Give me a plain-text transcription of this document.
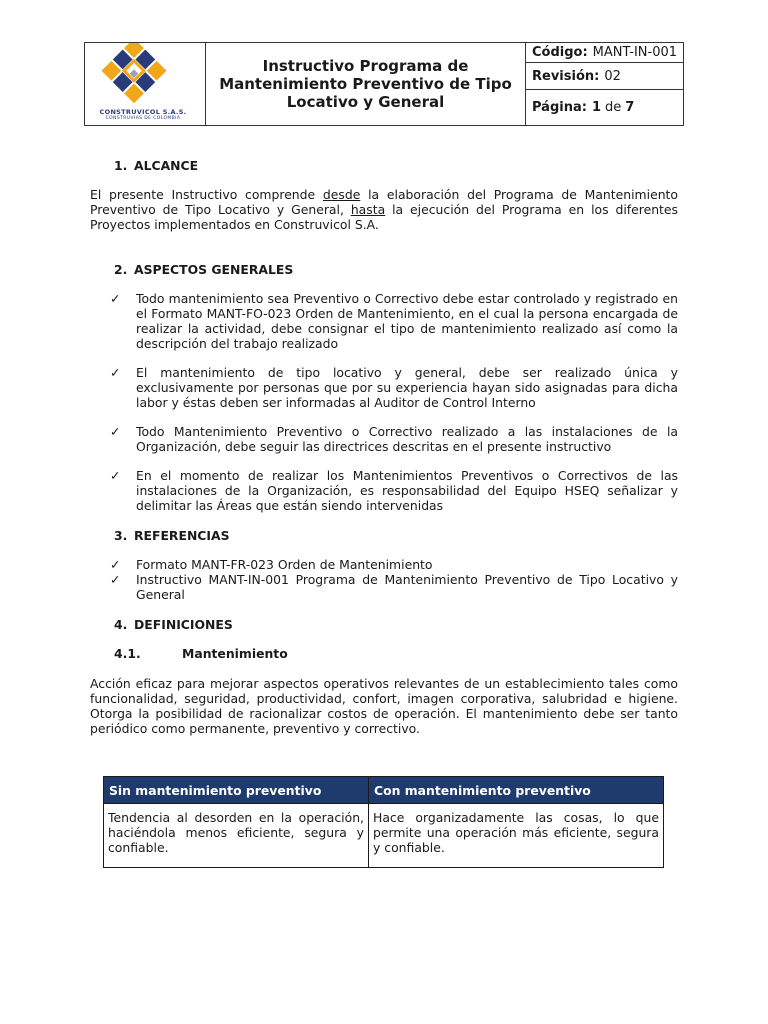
CONSTRUVICOL S.A.S.
CONSTRUVIAS DE COLOMBIA
Instructivo Programa de Mantenimiento Preventivo de Tipo Locativo y General
Código: MANT-IN-001
Revisión: 02
Página: 1 de 7
1. ALCANCE

El presente Instructivo comprende desde la elaboración del Programa de Mantenimiento Preventivo de Tipo Locativo y General, hasta la ejecución del Programa en los diferentes Proyectos implementados en Construvicol S.A.

2. ASPECTOS GENERALES
✓ Todo mantenimiento sea Preventivo o Correctivo debe estar controlado y registrado en el Formato MANT-FO-023 Orden de Mantenimiento, en el cual la persona encargada de realizar la actividad, debe consignar el tipo de mantenimiento realizado así como la descripción del trabajo realizado
✓ El mantenimiento de tipo locativo y general, debe ser realizado única y exclusivamente por personas que por su experiencia hayan sido asignadas para dicha labor y éstas deben ser informadas al Auditor de Control Interno
✓ Todo Mantenimiento Preventivo o Correctivo realizado a las instalaciones de la Organización, debe seguir las directrices descritas en el presente instructivo
✓ En el momento de realizar los Mantenimientos Preventivos o Correctivos de las instalaciones de la Organización, es responsabilidad del Equipo HSEQ señalizar y delimitar las Áreas que están siendo intervenidas
3. REFERENCIAS
✓ Formato MANT-FR-023 Orden de Mantenimiento
✓ Instructivo MANT-IN-001 Programa de Mantenimiento Preventivo de Tipo Locativo y General
4. DEFINICIONES
4.1.	Mantenimiento

Acción eficaz para mejorar aspectos operativos relevantes de un establecimiento tales como funcionalidad, seguridad, productividad, confort, imagen corporativa, salubridad e higiene. Otorga la posibilidad de racionalizar costos de operación. El mantenimiento debe ser tanto periódico como permanente, preventivo y correctivo.

Sin mantenimiento preventivo	Con mantenimiento preventivo
Tendencia al desorden en la operación, haciéndola menos eficiente, segura y confiable.	Hace organizadamente las cosas, lo que permite una operación más eficiente, segura y confiable.
